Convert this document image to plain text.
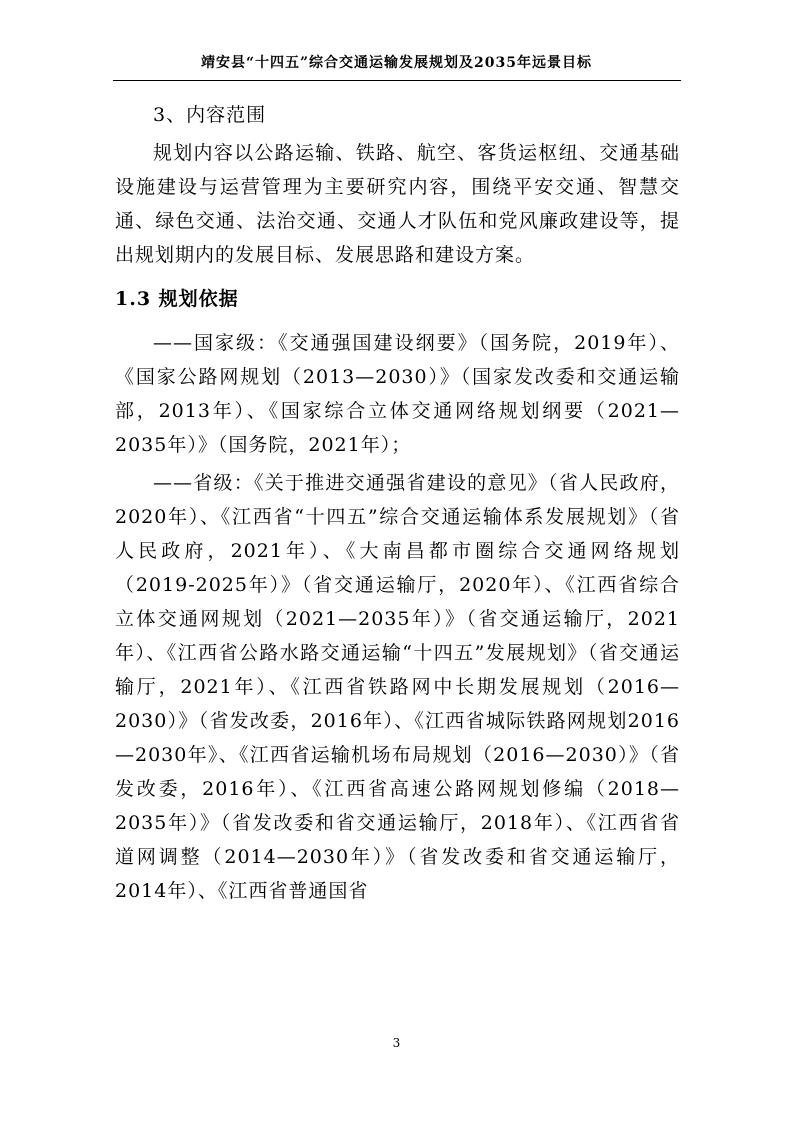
靖安县“十四五”综合交通运输发展规划及2035年远景目标

3、内容范围

规划内容以公路运输、铁路、航空、客货运枢纽、交通基础设施建设与运营管理为主要研究内容，围绕平安交通、智慧交通、绿色交通、法治交通、交通人才队伍和党风廉政建设等，提出规划期内的发展目标、发展思路和建设方案。

1.3 规划依据

——国家级：《交通强国建设纲要》（国务院，2019年）、《国家公路网规划（2013—2030）》（国家发改委和交通运输部，2013年）、《国家综合立体交通网络规划纲要（2021—2035年）》（国务院，2021年）；

——省级：《关于推进交通强省建设的意见》（省人民政府，2020年）、《江西省“十四五”综合交通运输体系发展规划》（省人民政府，2021年）、《大南昌都市圈综合交通网络规划（2019-2025年）》（省交通运输厅，2020年）、《江西省综合立体交通网规划（2021—2035年）》（省交通运输厅，2021年）、《江西省公路水路交通运输“十四五”发展规划》（省交通运输厅，2021年）、《江西省铁路网中长期发展规划（2016—2030）》（省发改委，2016年）、《江西省城际铁路网规划2016—2030年》、《江西省运输机场布局规划（2016—2030）》（省发改委，2016年）、《江西省高速公路网规划修编（2018—2035年）》（省发改委和省交通运输厅，2018年）、《江西省省道网调整（2014—2030年）》（省发改委和省交通运输厅，2014年）、《江西省普通国省

3
